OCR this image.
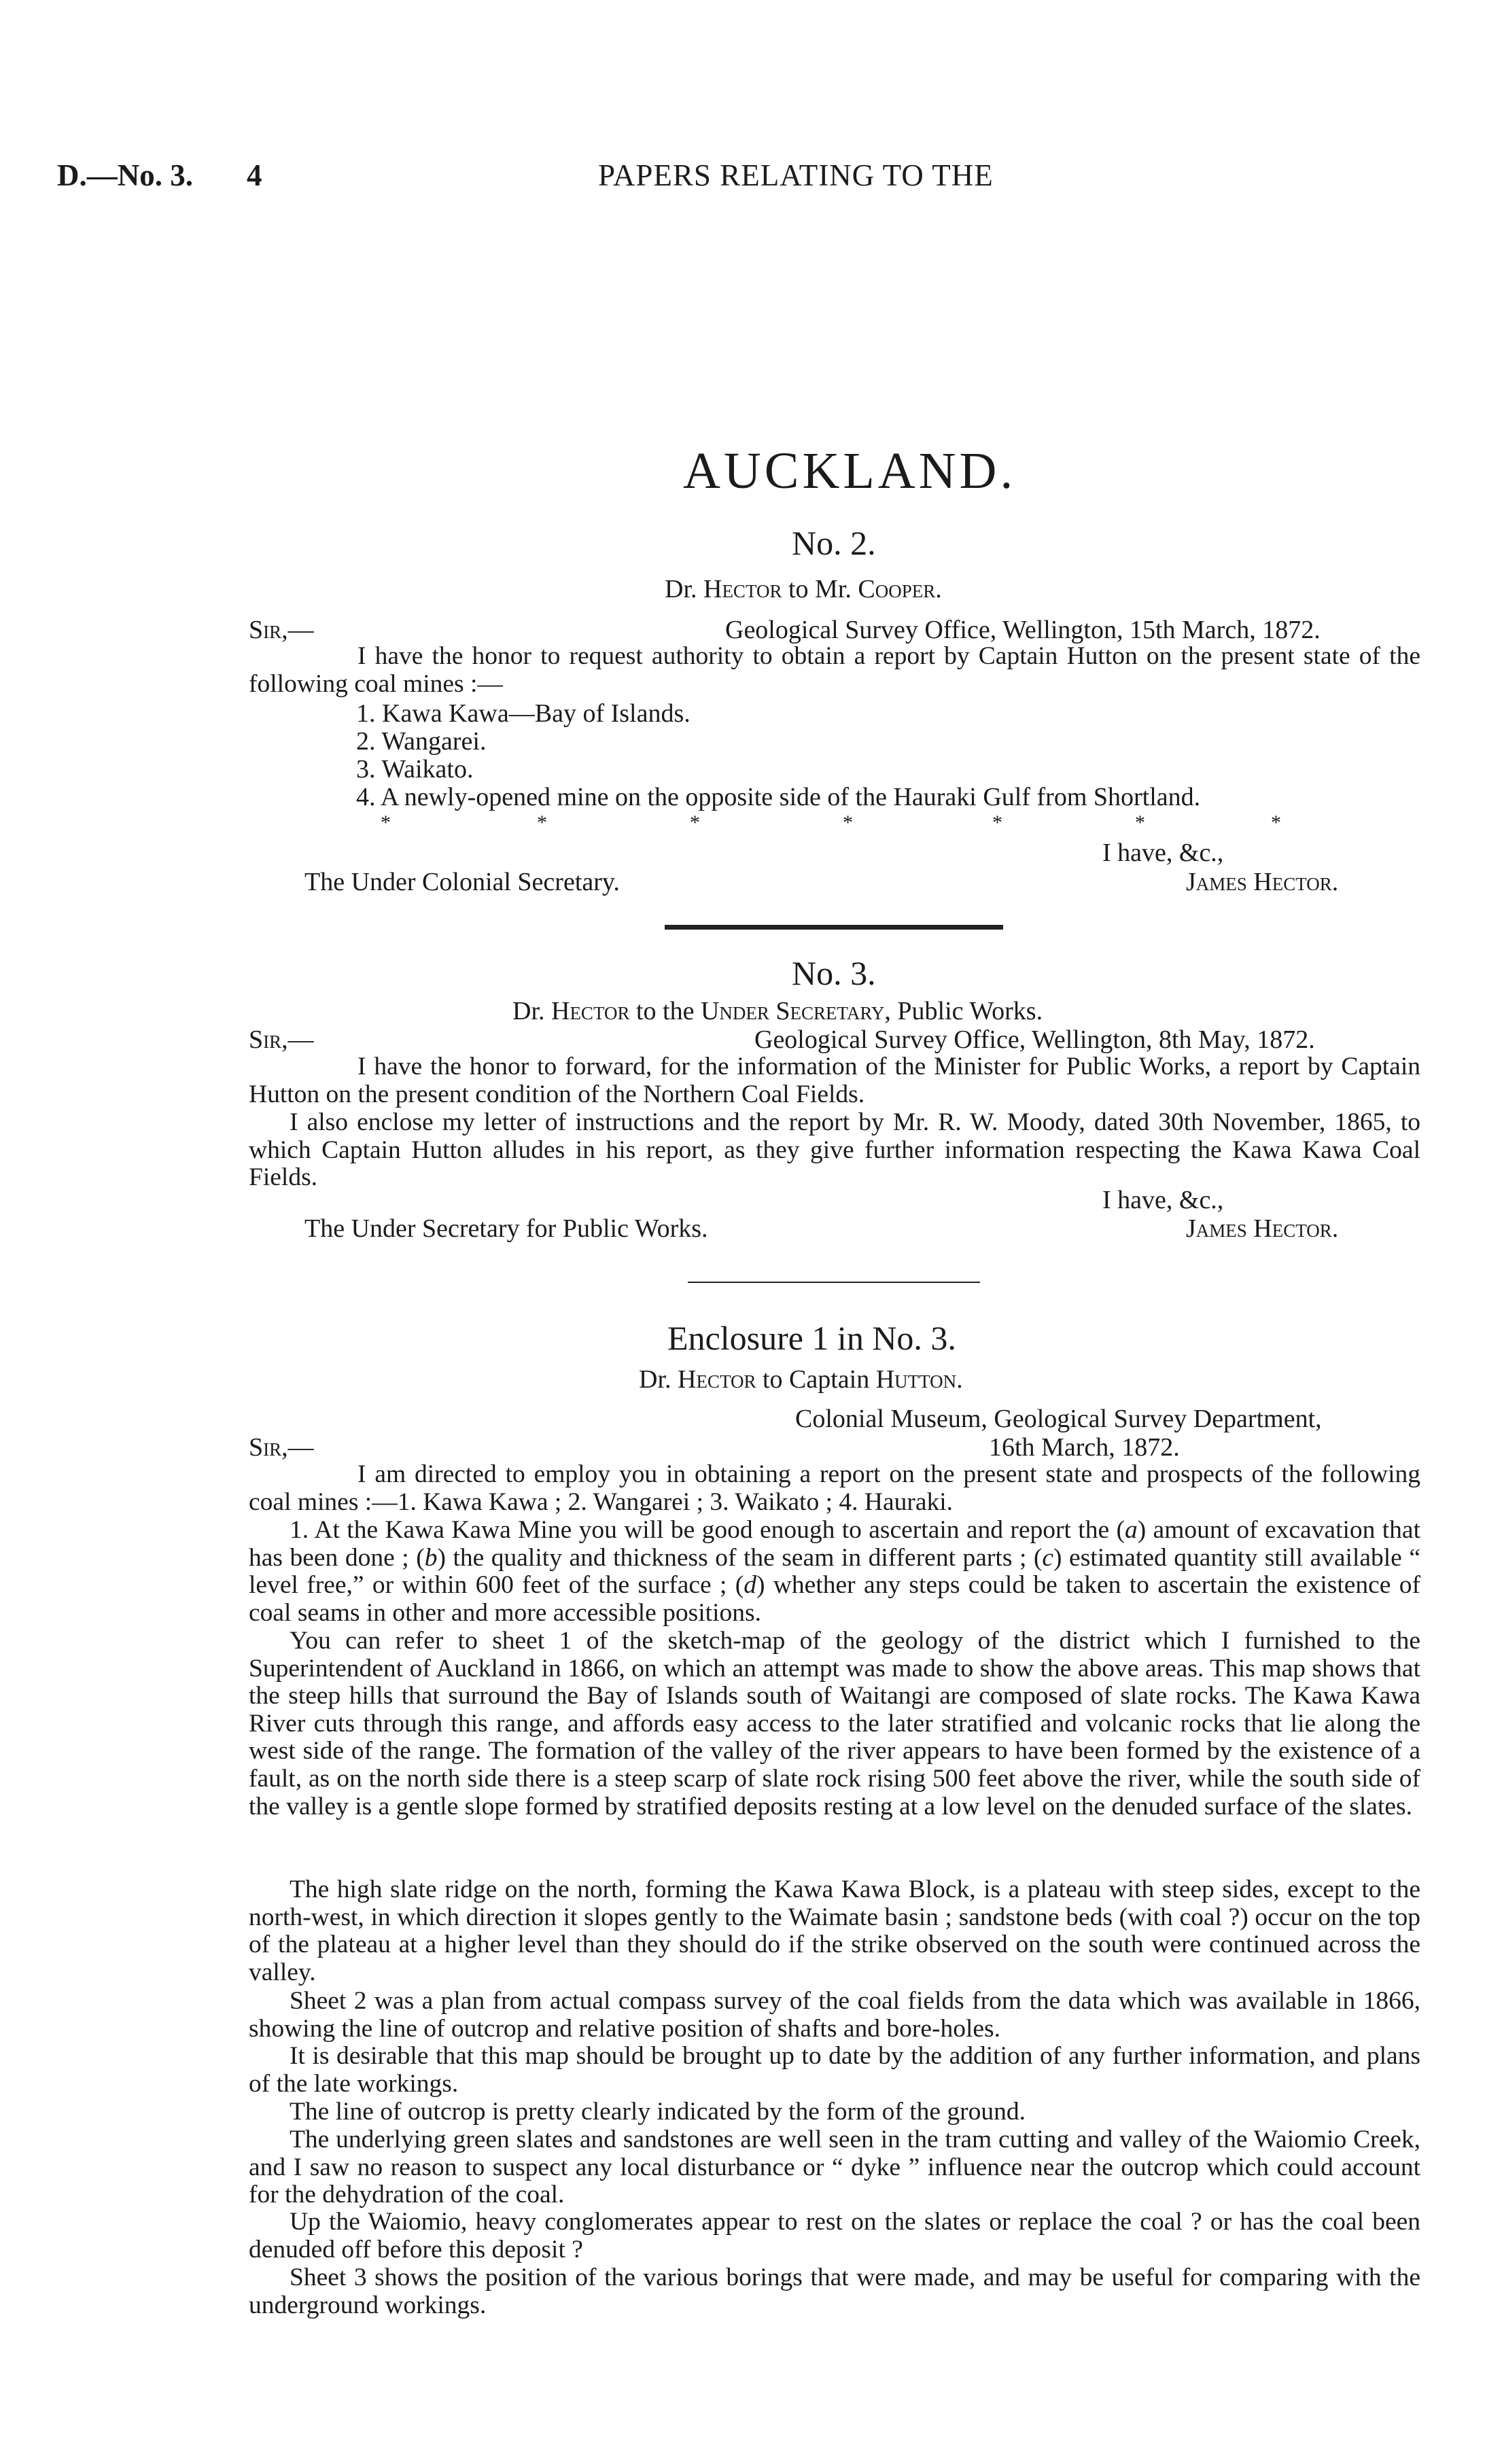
D.—No. 3. 4	PAPERS RELATING TO THE
AUCKLAND.
No. 2.
Dr. Hector to Mr. Cooper.
Sir,—	Geological Survey Office, Wellington, 15th March, 1872.
I have the honor to request authority to obtain a report by Captain Hutton on the present state of the following coal mines :—
1. Kawa Kawa—Bay of Islands.
2. Wangarei.
3. Waikato.
4. A newly-opened mine on the opposite side of the Hauraki Gulf from Shortland.
*	*	*	*	*	*	*
I have, &c.,
The Under Colonial Secretary.	James Hector.
No. 3.
Dr. Hector to the Under Secretary, Public Works.
Sir,—	Geological Survey Office, Wellington, 8th May, 1872.
I have the honor to forward, for the information of the Minister for Public Works, a report by Captain Hutton on the present condition of the Northern Coal Fields.
I also enclose my letter of instructions and the report by Mr. R. W. Moody, dated 30th November, 1865, to which Captain Hutton alludes in his report, as they give further information respecting the Kawa Kawa Coal Fields.
I have, &c.,
The Under Secretary for Public Works.	James Hector.
Enclosure 1 in No. 3.
Dr. Hector to Captain Hutton.
Colonial Museum, Geological Survey Department,
16th March, 1872.
Sir,—
I am directed to employ you in obtaining a report on the present state and prospects of the following coal mines :—1. Kawa Kawa ; 2. Wangarei ; 3. Waikato ; 4. Hauraki.
1. At the Kawa Kawa Mine you will be good enough to ascertain and report the (a) amount of excavation that has been done ; (b) the quality and thickness of the seam in different parts ; (c) estimated quantity still available “ level free,” or within 600 feet of the surface ; (d) whether any steps could be taken to ascertain the existence of coal seams in other and more accessible positions.
You can refer to sheet 1 of the sketch-map of the geology of the district which I furnished to the Superintendent of Auckland in 1866, on which an attempt was made to show the above areas. This map shows that the steep hills that surround the Bay of Islands south of Waitangi are composed of slate rocks. The Kawa Kawa River cuts through this range, and affords easy access to the later stratified and volcanic rocks that lie along the west side of the range. The formation of the valley of the river appears to have been formed by the existence of a fault, as on the north side there is a steep scarp of slate rock rising 500 feet above the river, while the south side of the valley is a gentle slope formed by stratified deposits resting at a low level on the denuded surface of the slates.
The high slate ridge on the north, forming the Kawa Kawa Block, is a plateau with steep sides, except to the north-west, in which direction it slopes gently to the Waimate basin ; sandstone beds (with coal ?) occur on the top of the plateau at a higher level than they should do if the strike observed on the south were continued across the valley.
Sheet 2 was a plan from actual compass survey of the coal fields from the data which was available in 1866, showing the line of outcrop and relative position of shafts and bore-holes.
It is desirable that this map should be brought up to date by the addition of any further information, and plans of the late workings.
The line of outcrop is pretty clearly indicated by the form of the ground.
The underlying green slates and sandstones are well seen in the tram cutting and valley of the Waiomio Creek, and I saw no reason to suspect any local disturbance or “ dyke ” influence near the outcrop which could account for the dehydration of the coal.
Up the Waiomio, heavy conglomerates appear to rest on the slates or replace the coal ? or has the coal been denuded off before this deposit ?
Sheet 3 shows the position of the various borings that were made, and may be useful for comparing with the underground workings.
